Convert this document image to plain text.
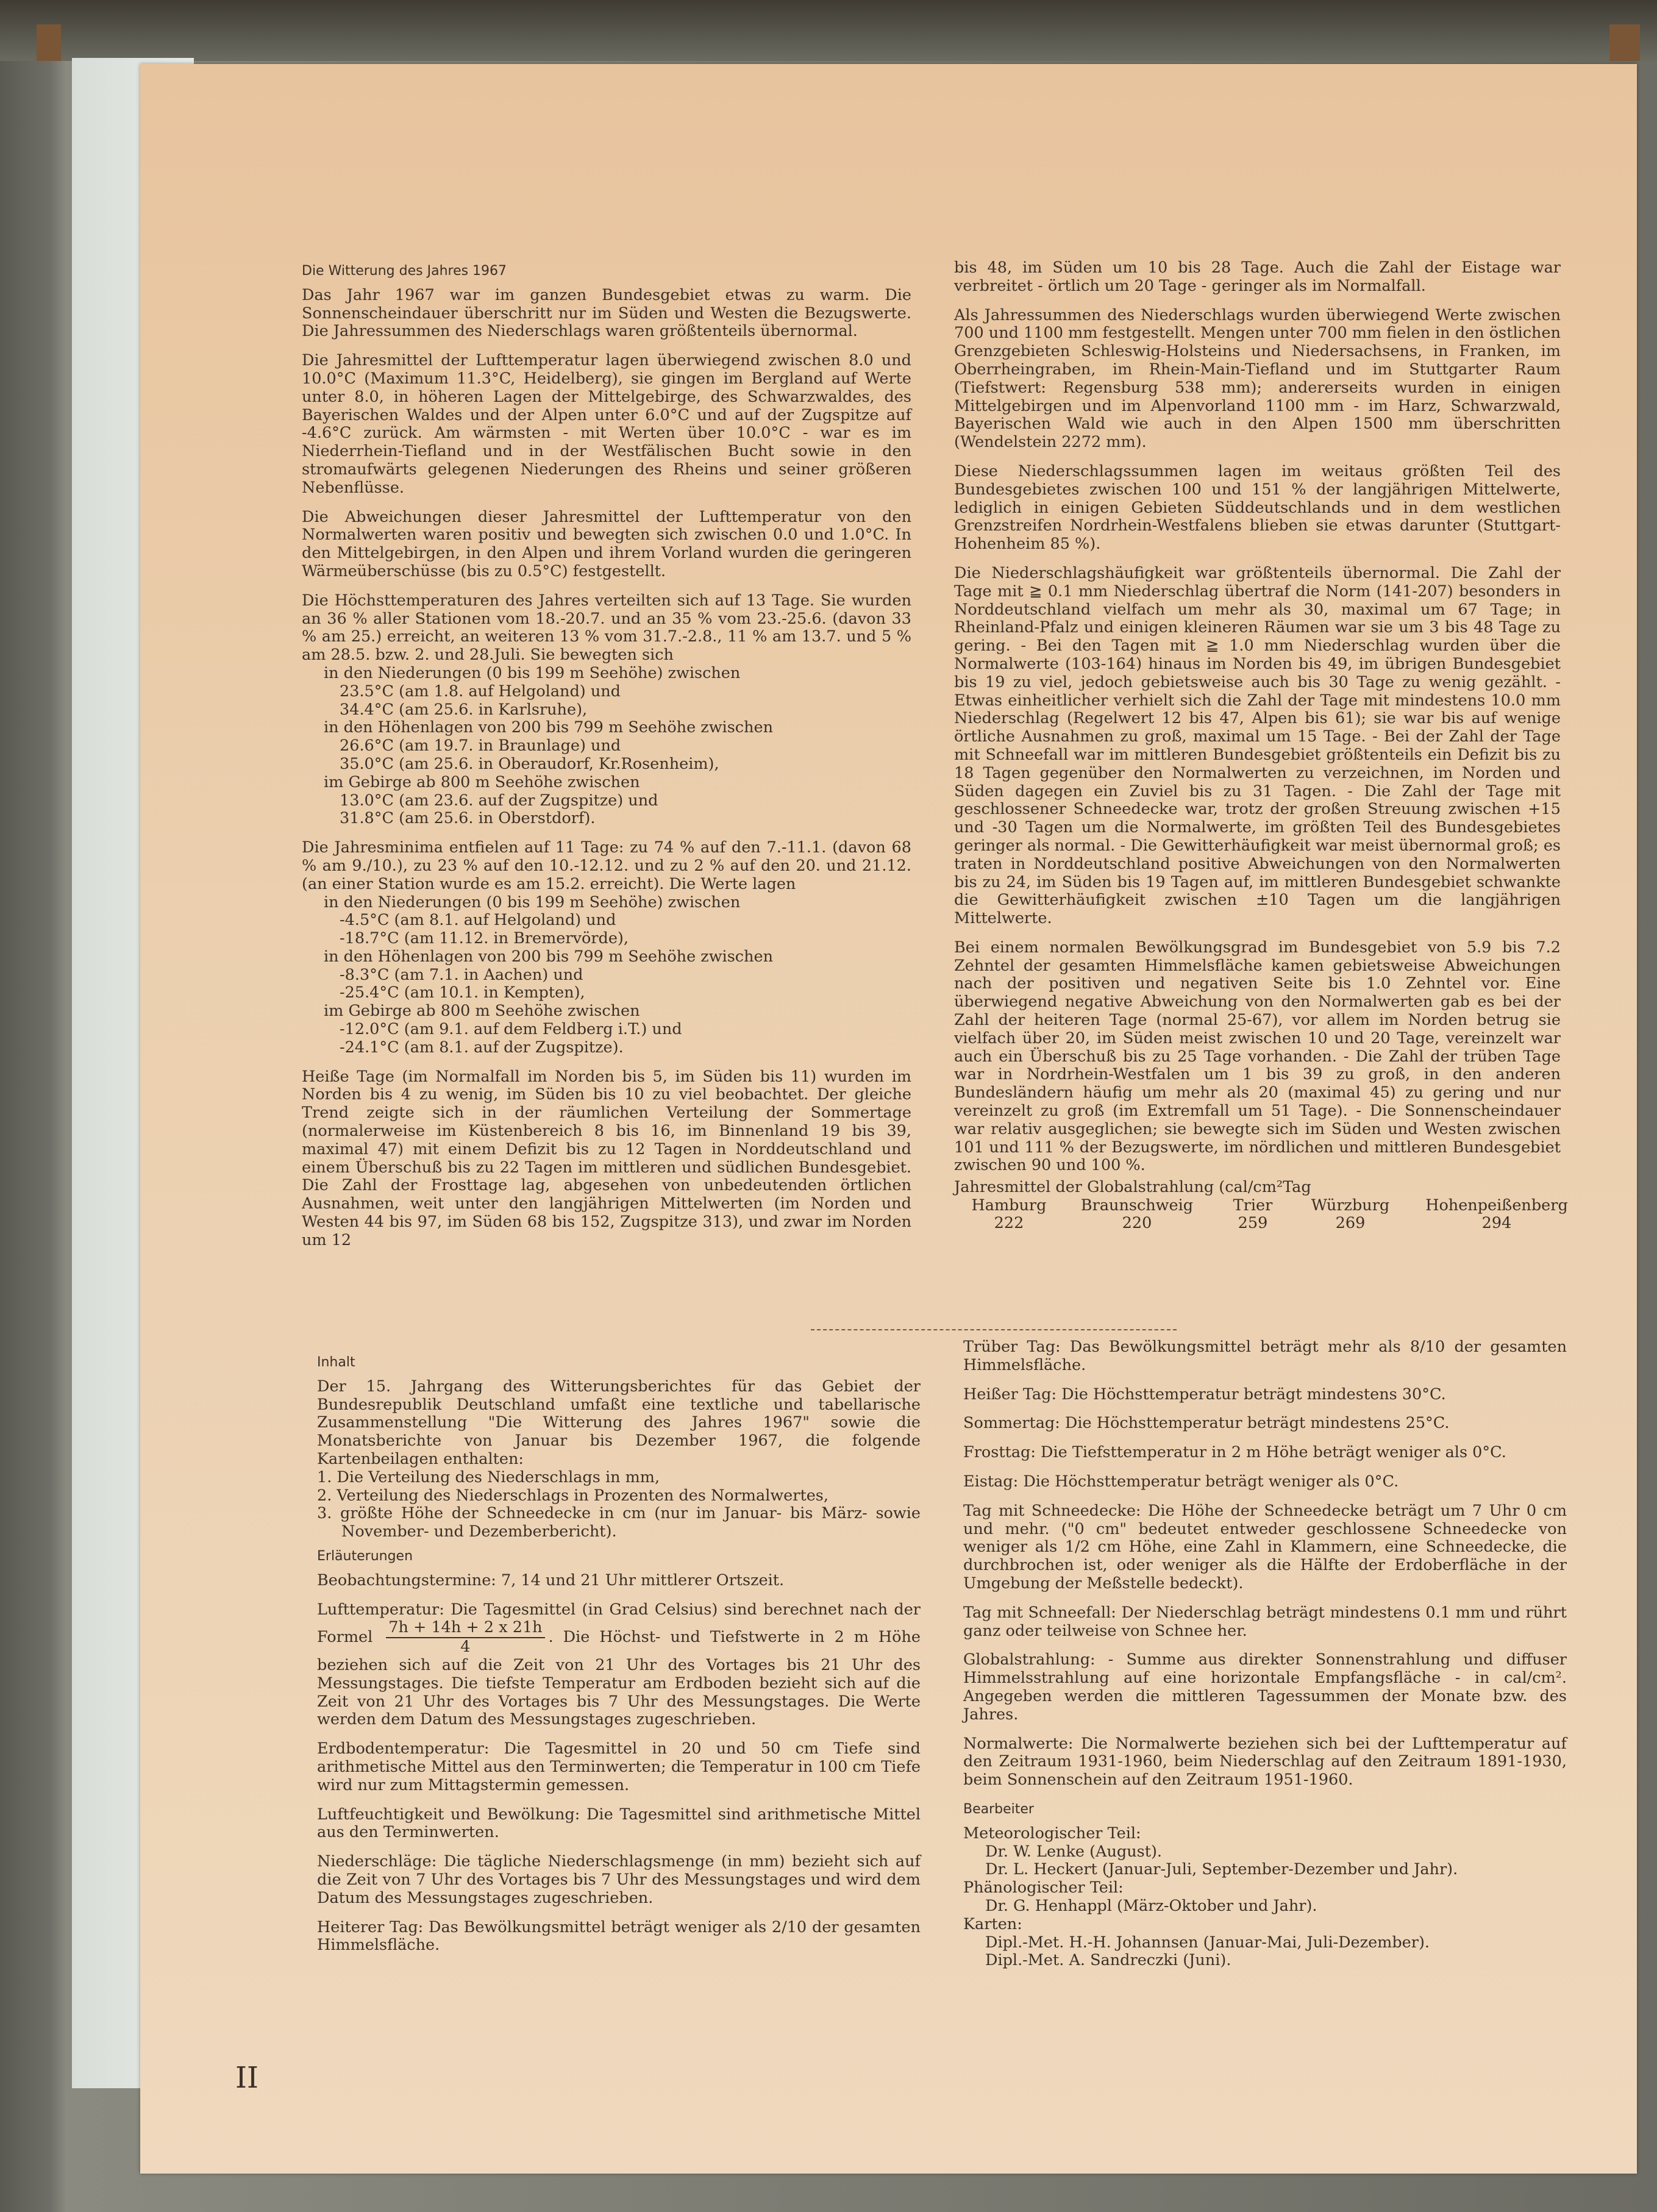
Die Witterung des Jahres 1967

Das Jahr 1967 war im ganzen Bundesgebiet etwas zu warm. Die Sonnenscheindauer überschritt nur im Süden und Westen die Bezugswerte. Die Jahressummen des Niederschlags waren größtenteils übernormal.

Die Jahresmittel der Lufttemperatur lagen überwiegend zwischen 8.0 und 10.0°C (Maximum 11.3°C, Heidelberg), sie gingen im Bergland auf Werte unter 8.0, in höheren Lagen der Mittelgebirge, des Schwarzwaldes, des Bayerischen Waldes und der Alpen unter 6.0°C und auf der Zugspitze auf -4.6°C zurück. Am wärmsten - mit Werten über 10.0°C - war es im Niederrhein-Tiefland und in der Westfälischen Bucht sowie in den stromaufwärts gelegenen Niederungen des Rheins und seiner größeren Nebenflüsse.

Die Abweichungen dieser Jahresmittel der Lufttemperatur von den Normalwerten waren positiv und bewegten sich zwischen 0.0 und 1.0°C. In den Mittelgebirgen, in den Alpen und ihrem Vorland wurden die geringeren Wärmeüberschüsse (bis zu 0.5°C) festgestellt.

Die Höchsttemperaturen des Jahres verteilten sich auf 13 Tage. Sie wurden an 36 % aller Stationen vom 18.-20.7. und an 35 % vom 23.-25.6. (davon 33 % am 25.) erreicht, an weiteren 13 % vom 31.7.-2.8., 11 % am 13.7. und 5 % am 28.5. bzw. 2. und 28.Juli. Sie bewegten sich

in den Niederungen (0 bis 199 m Seehöhe) zwischen

23.5°C (am 1.8. auf Helgoland) und

34.4°C (am 25.6. in Karlsruhe),

in den Höhenlagen von 200 bis 799 m Seehöhe zwischen

26.6°C (am 19.7. in Braunlage) und

35.0°C (am 25.6. in Oberaudorf, Kr.Rosenheim),

im Gebirge ab 800 m Seehöhe zwischen

13.0°C (am 23.6. auf der Zugspitze) und

31.8°C (am 25.6. in Oberstdorf).

Die Jahresminima entfielen auf 11 Tage: zu 74 % auf den 7.-11.1. (davon 68 % am 9./10.), zu 23 % auf den 10.-12.12. und zu 2 % auf den 20. und 21.12. (an einer Station wurde es am 15.2. erreicht). Die Werte lagen

in den Niederungen (0 bis 199 m Seehöhe) zwischen

-4.5°C (am 8.1. auf Helgoland) und

-18.7°C (am 11.12. in Bremervörde),

in den Höhenlagen von 200 bis 799 m Seehöhe zwischen

-8.3°C (am 7.1. in Aachen) und

-25.4°C (am 10.1. in Kempten),

im Gebirge ab 800 m Seehöhe zwischen

-12.0°C (am 9.1. auf dem Feldberg i.T.) und

-24.1°C (am 8.1. auf der Zugspitze).

Heiße Tage (im Normalfall im Norden bis 5, im Süden bis 11) wurden im Norden bis 4 zu wenig, im Süden bis 10 zu viel beobachtet. Der gleiche Trend zeigte sich in der räumlichen Verteilung der Sommertage (normalerweise im Küstenbereich 8 bis 16, im Binnenland 19 bis 39, maximal 47) mit einem Defizit bis zu 12 Tagen in Norddeutschland und einem Überschuß bis zu 22 Tagen im mittleren und südlichen Bundesgebiet. Die Zahl der Frosttage lag, abgesehen von unbedeutenden örtlichen Ausnahmen, weit unter den langjährigen Mittelwerten (im Norden und Westen 44 bis 97, im Süden 68 bis 152, Zugspitze 313), und zwar im Norden um 12

bis 48, im Süden um 10 bis 28 Tage. Auch die Zahl der Eistage war verbreitet - örtlich um 20 Tage - geringer als im Normalfall.

Als Jahressummen des Niederschlags wurden überwiegend Werte zwischen 700 und 1100 mm festgestellt. Mengen unter 700 mm fielen in den östlichen Grenzgebieten Schleswig-Holsteins und Niedersachsens, in Franken, im Oberrheingraben, im Rhein-Main-Tiefland und im Stuttgarter Raum (Tiefstwert: Regensburg 538 mm); andererseits wurden in einigen Mittelgebirgen und im Alpenvorland 1100 mm - im Harz, Schwarzwald, Bayerischen Wald wie auch in den Alpen 1500 mm überschritten (Wendelstein 2272 mm).

Diese Niederschlagssummen lagen im weitaus größten Teil des Bundesgebietes zwischen 100 und 151 % der langjährigen Mittelwerte, lediglich in einigen Gebieten Süddeutschlands und in dem westlichen Grenzstreifen Nordrhein-Westfalens blieben sie etwas darunter (Stuttgart-Hohenheim 85 %).

Die Niederschlagshäufigkeit war größtenteils übernormal. Die Zahl der Tage mit ≧ 0.1 mm Niederschlag übertraf die Norm (141-207) besonders in Norddeutschland vielfach um mehr als 30, maximal um 67 Tage; in Rheinland-Pfalz und einigen kleineren Räumen war sie um 3 bis 48 Tage zu gering. - Bei den Tagen mit ≧ 1.0 mm Niederschlag wurden über die Normalwerte (103-164) hinaus im Norden bis 49, im übrigen Bundesgebiet bis 19 zu viel, jedoch gebietsweise auch bis 30 Tage zu wenig gezählt. - Etwas einheitlicher verhielt sich die Zahl der Tage mit mindestens 10.0 mm Niederschlag (Regelwert 12 bis 47, Alpen bis 61); sie war bis auf wenige örtliche Ausnahmen zu groß, maximal um 15 Tage. - Bei der Zahl der Tage mit Schneefall war im mittleren Bundesgebiet größtenteils ein Defizit bis zu 18 Tagen gegenüber den Normalwerten zu verzeichnen, im Norden und Süden dagegen ein Zuviel bis zu 31 Tagen. - Die Zahl der Tage mit geschlossener Schneedecke war, trotz der großen Streuung zwischen +15 und -30 Tagen um die Normalwerte, im größten Teil des Bundesgebietes geringer als normal. - Die Gewitterhäufigkeit war meist übernormal groß; es traten in Norddeutschland positive Abweichungen von den Normalwerten bis zu 24, im Süden bis 19 Tagen auf, im mittleren Bundesgebiet schwankte die Gewitterhäufigkeit zwischen ±10 Tagen um die langjährigen Mittelwerte.

Bei einem normalen Bewölkungsgrad im Bundesgebiet von 5.9 bis 7.2 Zehntel der gesamten Himmelsfläche kamen gebietsweise Abweichungen nach der positiven und negativen Seite bis 1.0 Zehntel vor. Eine überwiegend negative Abweichung von den Normalwerten gab es bei der Zahl der heiteren Tage (normal 25-67), vor allem im Norden betrug sie vielfach über 20, im Süden meist zwischen 10 und 20 Tage, vereinzelt war auch ein Überschuß bis zu 25 Tage vorhanden. - Die Zahl der trüben Tage war in Nordrhein-Westfalen um 1 bis 39 zu groß, in den anderen Bundesländern häufig um mehr als 20 (maximal 45) zu gering und nur vereinzelt zu groß (im Extremfall um 51 Tage). - Die Sonnenscheindauer war relativ ausgeglichen; sie bewegte sich im Süden und Westen zwischen 101 und 111 % der Bezugswerte, im nördlichen und mittleren Bundesgebiet zwischen 90 und 100 %.

Jahresmittel der Globalstrahlung (cal/cm²Tag

Hamburg	Braunschweig	Trier	Würzburg	Hohenpeißenberg
222	220	259	269	294

Inhalt

Der 15. Jahrgang des Witterungsberichtes für das Gebiet der Bundesrepublik Deutschland umfaßt eine textliche und tabellarische Zusammenstellung "Die Witterung des Jahres 1967" sowie die Monatsberichte von Januar bis Dezember 1967, die folgende Kartenbeilagen enthalten:

1. Die Verteilung des Niederschlags in mm,

2. Verteilung des Niederschlags in Prozenten des Normalwertes,

3. größte Höhe der Schneedecke in cm (nur im Januar- bis März- sowie November- und Dezemberbericht).

Erläuterungen

Beobachtungstermine: 7, 14 und 21 Uhr mittlerer Ortszeit.

Lufttemperatur: Die Tagesmittel (in Grad Celsius) sind berechnet nach der Formel $\frac{7h + 14h + 2 x 21h}{4}$ . Die Höchst- und Tiefstwerte in 2 m Höhe beziehen sich auf die Zeit von 21 Uhr des Vortages bis 21 Uhr des Messungstages. Die tiefste Temperatur am Erdboden bezieht sich auf die Zeit von 21 Uhr des Vortages bis 7 Uhr des Messungstages. Die Werte werden dem Datum des Messungstages zugeschrieben.

Erdbodentemperatur: Die Tagesmittel in 20 und 50 cm Tiefe sind arithmetische Mittel aus den Terminwerten; die Temperatur in 100 cm Tiefe wird nur zum Mittagstermin gemessen.

Luftfeuchtigkeit und Bewölkung: Die Tagesmittel sind arithmetische Mittel aus den Terminwerten.

Niederschläge: Die tägliche Niederschlagsmenge (in mm) bezieht sich auf die Zeit von 7 Uhr des Vortages bis 7 Uhr des Messungstages und wird dem Datum des Messungstages zugeschrieben.

Heiterer Tag: Das Bewölkungsmittel beträgt weniger als 2/10 der gesamten Himmelsfläche.

Trüber Tag: Das Bewölkungsmittel beträgt mehr als 8/10 der gesamten Himmelsfläche.

Heißer Tag: Die Höchsttemperatur beträgt mindestens 30°C.

Sommertag: Die Höchsttemperatur beträgt mindestens 25°C.

Frosttag: Die Tiefsttemperatur in 2 m Höhe beträgt weniger als 0°C.

Eistag: Die Höchsttemperatur beträgt weniger als 0°C.

Tag mit Schneedecke: Die Höhe der Schneedecke beträgt um 7 Uhr 0 cm und mehr. ("0 cm" bedeutet entweder geschlossene Schneedecke von weniger als 1/2 cm Höhe, eine Zahl in Klammern, eine Schneedecke, die durchbrochen ist, oder weniger als die Hälfte der Erdoberfläche in der Umgebung der Meßstelle bedeckt).

Tag mit Schneefall: Der Niederschlag beträgt mindestens 0.1 mm und rührt ganz oder teilweise von Schnee her.

Globalstrahlung: - Summe aus direkter Sonnenstrahlung und diffuser Himmelsstrahlung auf eine horizontale Empfangsfläche - in cal/cm². Angegeben werden die mittleren Tagessummen der Monate bzw. des Jahres.

Normalwerte: Die Normalwerte beziehen sich bei der Lufttemperatur auf den Zeitraum 1931-1960, beim Niederschlag auf den Zeitraum 1891-1930, beim Sonnenschein auf den Zeitraum 1951-1960.

Bearbeiter

Meteorologischer Teil:

Dr. W. Lenke (August).

Dr. L. Heckert (Januar-Juli, September-Dezember und Jahr).

Phänologischer Teil:

Dr. G. Henhappl (März-Oktober und Jahr).

Karten:

Dipl.-Met. H.-H. Johannsen (Januar-Mai, Juli-Dezember).

Dipl.-Met. A. Sandreczki (Juni).

II
